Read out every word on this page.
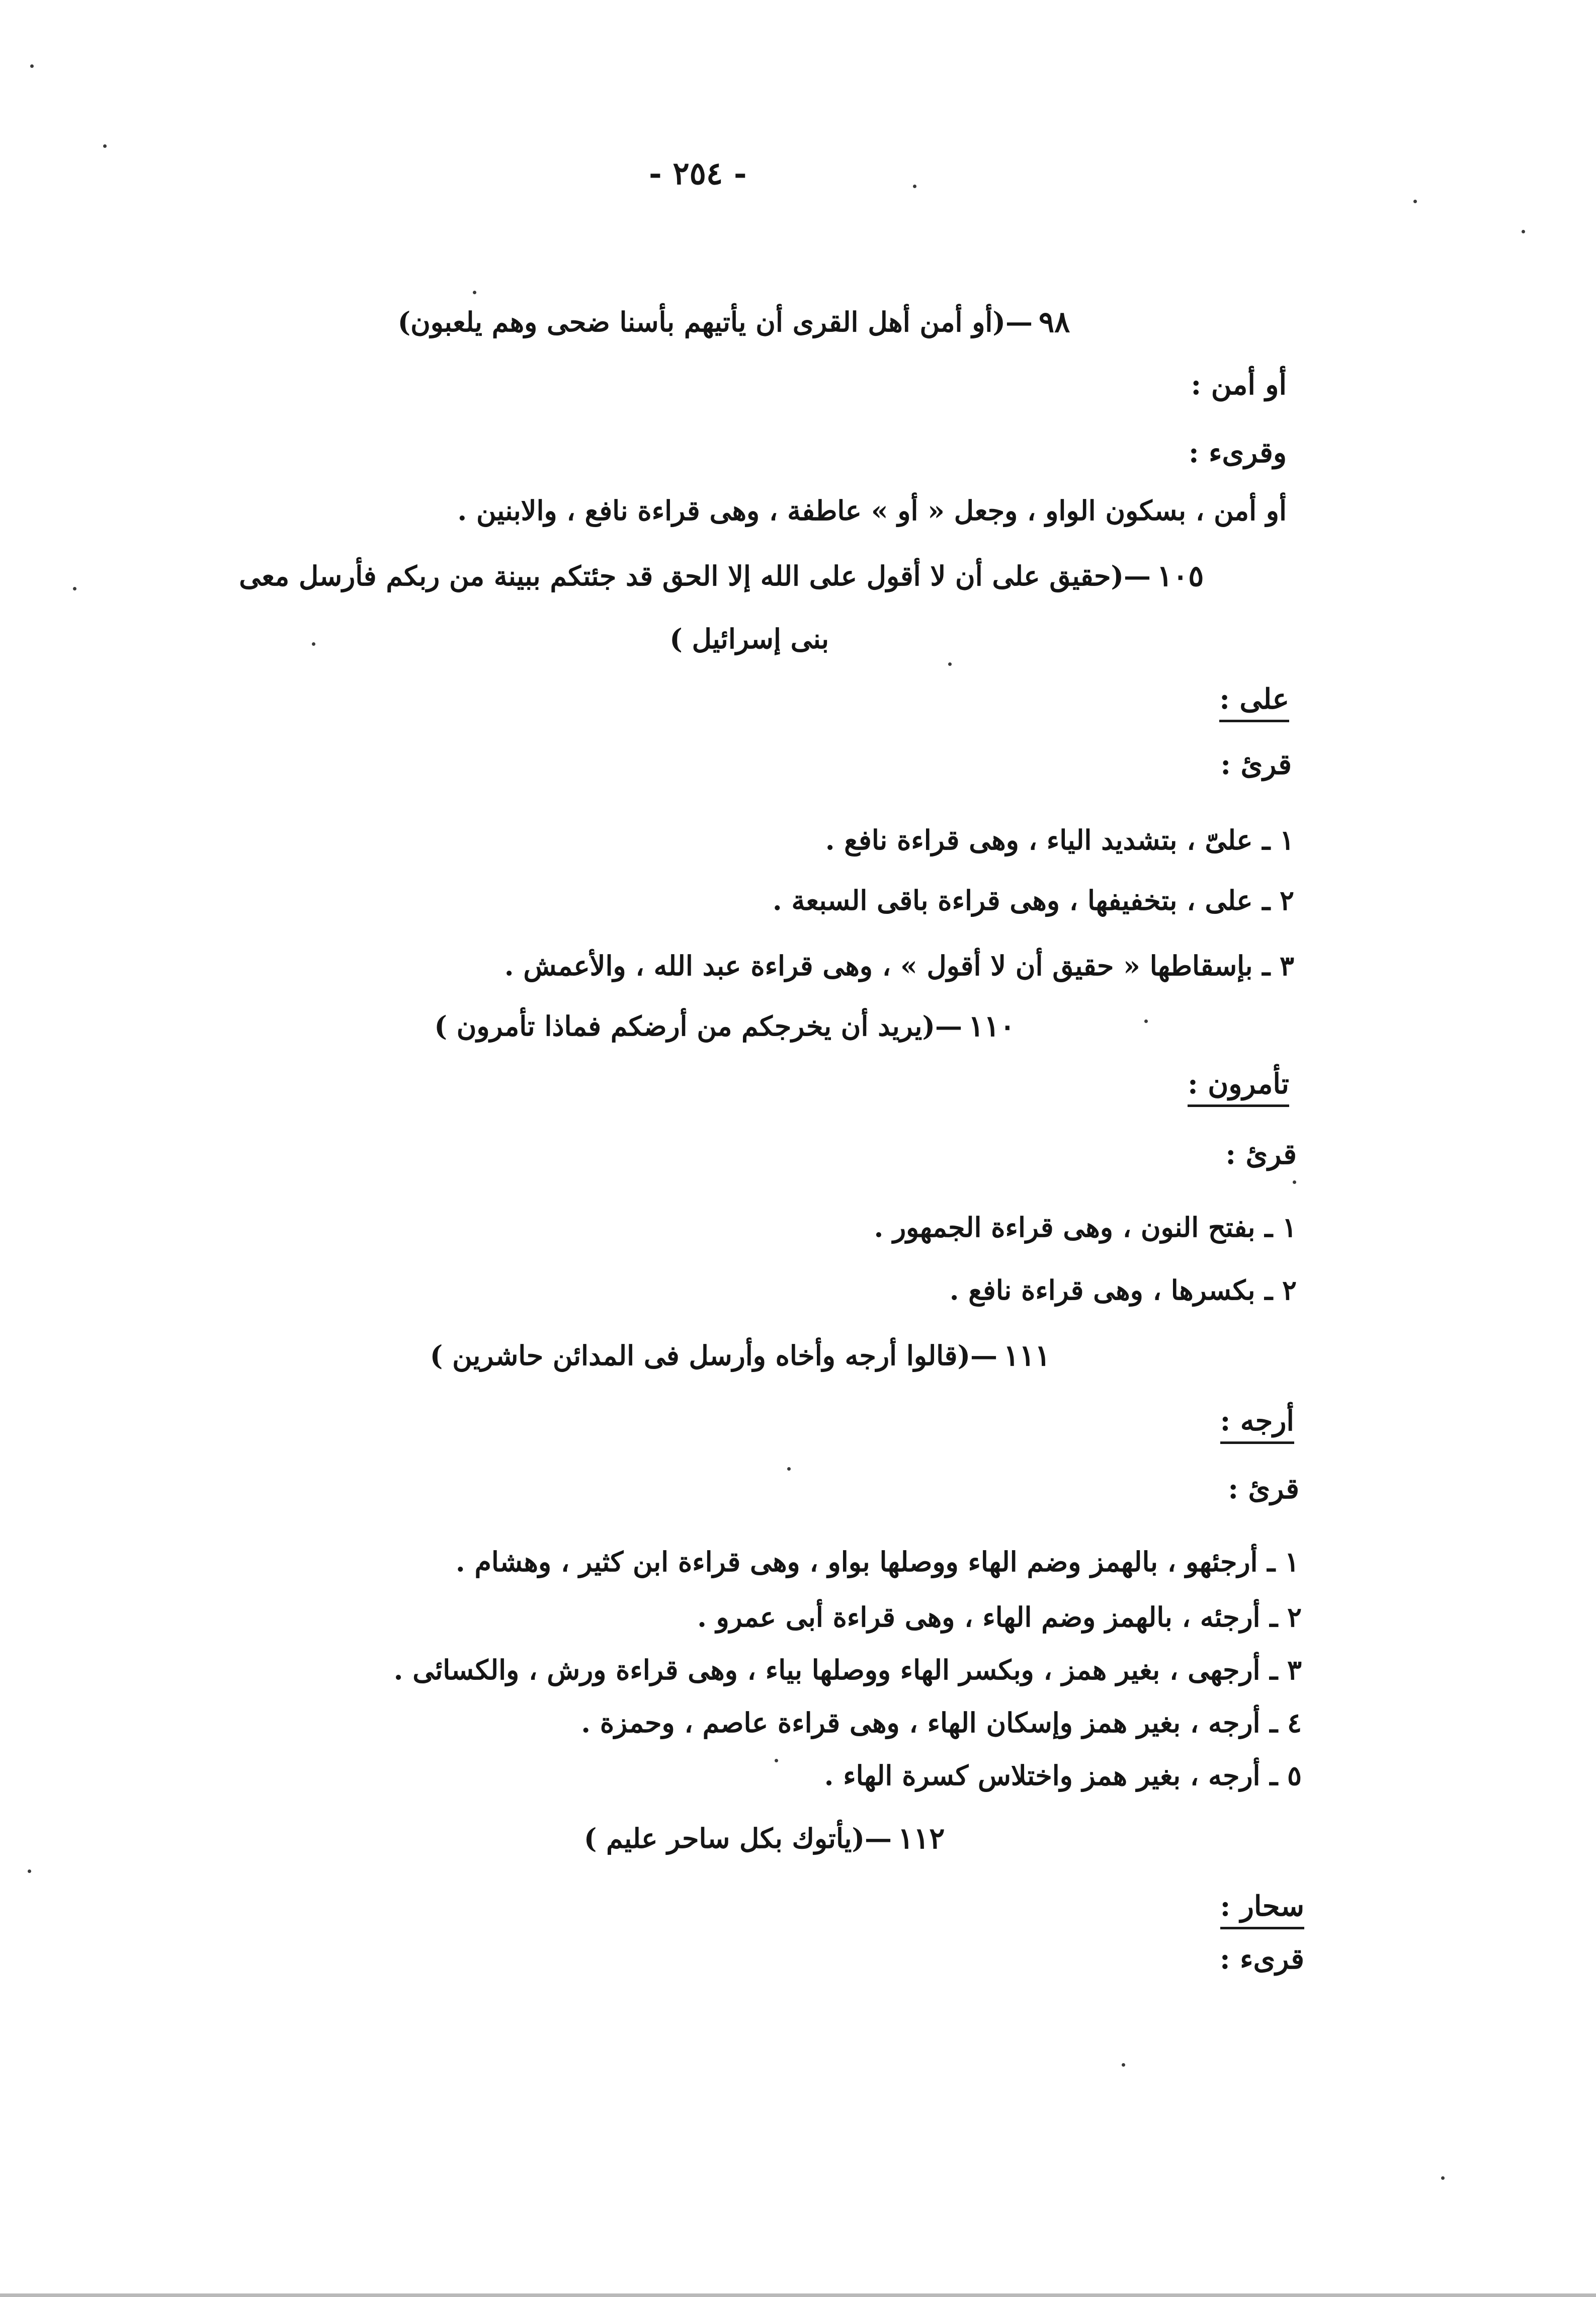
- ٢٥٤ -
٩٨
—(أو أمن أهل القرى أن يأتيهم بأسنا ضحى وهم يلعبون)
أو أمن :
وقرىء :
أو أمن ، بسكون الواو ، وجعل « أو » عاطفة ، وهى قراءة نافع ، والابنين .
١٠٥
—(حقيق على أن لا أقول على الله إلا الحق قد جئتكم ببينة من ربكم فأرسل معى
بنى إسرائيل )
على :
قرئ :
١ ـ علىّ ، بتشديد الياء ، وهى قراءة نافع .
٢ ـ على ، بتخفيفها ، وهى قراءة باقى السبعة .
٣ ـ بإسقاطها « حقيق أن لا أقول » ، وهى قراءة عبد الله ، والأعمش .
١١٠
—(يريد أن يخرجكم من أرضكم فماذا تأمرون )
تأمرون :
قرئ :
١ ـ بفتح النون ، وهى قراءة الجمهور .
٢ ـ بكسرها ، وهى قراءة نافع .
١١١
—(قالوا أرجه وأخاه وأرسل فى المدائن حاشرين )
أرجه :
قرئ :
١ ـ أرجئهو ، بالهمز وضم الهاء ووصلها بواو ، وهى قراءة ابن كثير ، وهشام .
٢ ـ أرجئه ، بالهمز وضم الهاء ، وهى قراءة أبى عمرو .
٣ ـ أرجهى ، بغير همز ، وبكسر الهاء ووصلها بياء ، وهى قراءة ورش ، والكسائى .
٤ ـ أرجه ، بغير همز وإسكان الهاء ، وهى قراءة عاصم ، وحمزة .
٥ ـ أرجه ، بغير همز واختلاس كسرة الهاء .
١١٢
—(يأتوك بكل ساحر عليم )
سحار :
قرىء :
